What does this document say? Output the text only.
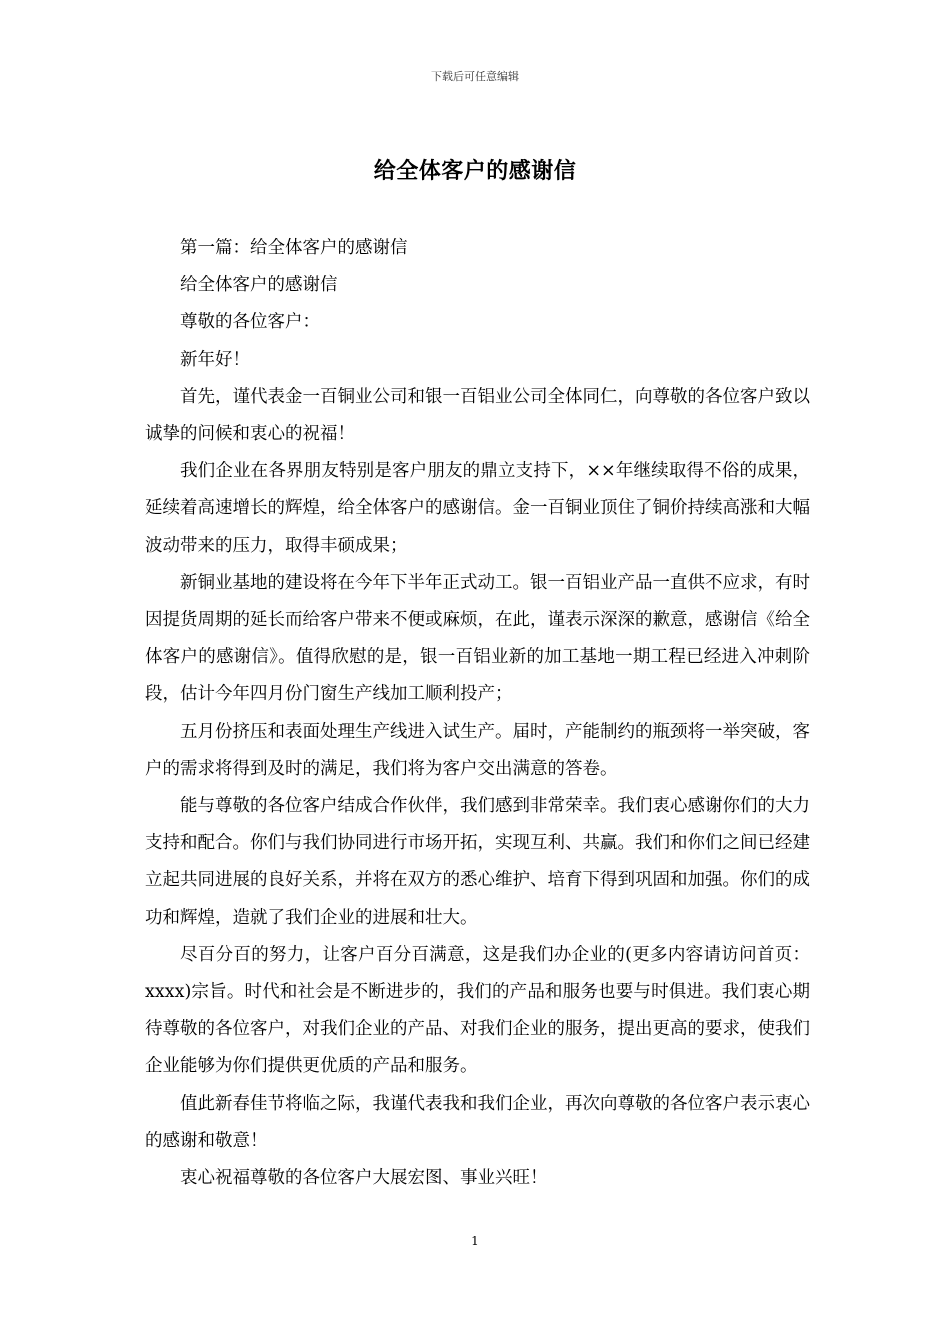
下载后可任意编辑
给全体客户的感谢信

第一篇：给全体客户的感谢信

给全体客户的感谢信

尊敬的各位客户：

新年好！

首先，谨代表金一百铜业公司和银一百铝业公司全体同仁，向尊敬的各位客户致以诚挚的问候和衷心的祝福！

我们企业在各界朋友特别是客户朋友的鼎立支持下，××年继续取得不俗的成果，延续着高速增长的辉煌，给全体客户的感谢信。金一百铜业顶住了铜价持续高涨和大幅波动带来的压力，取得丰硕成果；

新铜业基地的建设将在今年下半年正式动工。银一百铝业产品一直供不应求，有时因提货周期的延长而给客户带来不便或麻烦，在此，谨表示深深的歉意，感谢信《给全体客户的感谢信》。值得欣慰的是，银一百铝业新的加工基地一期工程已经进入冲刺阶段，估计今年四月份门窗生产线加工顺利投产；

五月份挤压和表面处理生产线进入试生产。届时，产能制约的瓶颈将一举突破，客户的需求将得到及时的满足，我们将为客户交出满意的答卷。

能与尊敬的各位客户结成合作伙伴，我们感到非常荣幸。我们衷心感谢你们的大力支持和配合。你们与我们协同进行市场开拓，实现互利、共赢。我们和你们之间已经建立起共同进展的良好关系，并将在双方的悉心维护、培育下得到巩固和加强。你们的成功和辉煌，造就了我们企业的进展和壮大。

尽百分百的努力，让客户百分百满意，这是我们办企业的(更多内容请访问首页：xxxx)宗旨。时代和社会是不断进步的，我们的产品和服务也要与时俱进。我们衷心期待尊敬的各位客户，对我们企业的产品、对我们企业的服务，提出更高的要求，使我们企业能够为你们提供更优质的产品和服务。

值此新春佳节将临之际，我谨代表我和我们企业，再次向尊敬的各位客户表示衷心的感谢和敬意！

衷心祝福尊敬的各位客户大展宏图、事业兴旺！

1
